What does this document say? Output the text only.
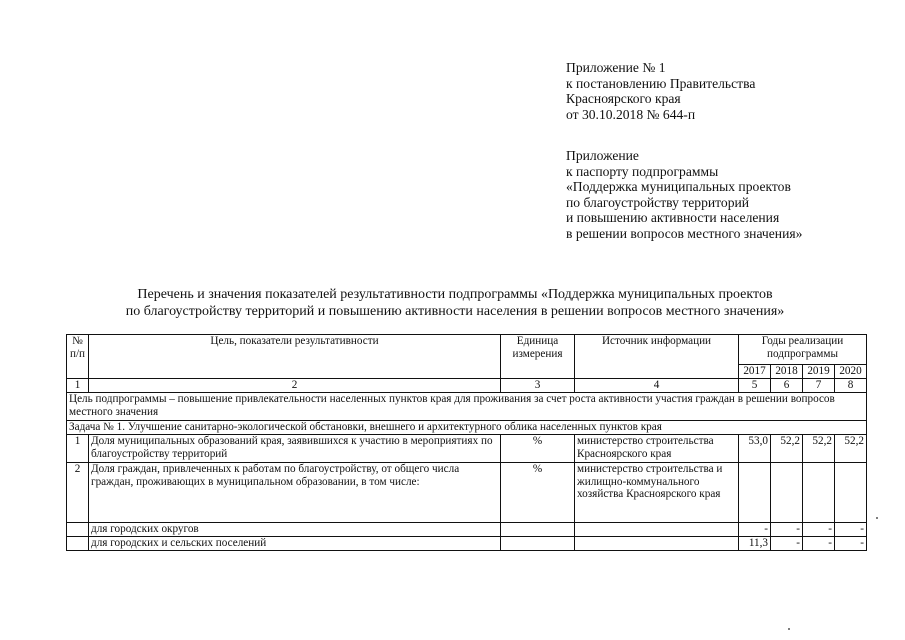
Приложение № 1
к постановлению Правительства
Красноярского края
от 30.10.2018 № 644-п
Приложение
к паспорту подпрограммы
«Поддержка муниципальных проектов
по благоустройству территорий
и повышению активности населения
в решении вопросов местного значения»
Перечень и значения показателей результативности подпрограммы «Поддержка муниципальных проектов
по благоустройству территорий и повышению активности населения в решении вопросов местного значения»
№ п/п	Цель, показатели результативности	Единица измерения	Источник информации	Годы реализации подпрограммы			
				2017	2018	2019	2020
1	2	3	4	5	6	7	8
Цель подпрограммы – повышение привлекательности населенных пунктов края для проживания за счет роста активности участия граждан в решении вопросов местного значения							
Задача № 1. Улучшение санитарно-экологической обстановки, внешнего и архитектурного облика населенных пунктов края							
1	Доля муниципальных образований края, заявившихся к участию в мероприятиях по благоустройству территорий	%	министерство строительства Красноярского края	53,0	52,2	52,2	52,2
2	Доля граждан, привлеченных к работам по благоустройству, от общего числа граждан, проживающих в муниципальном образовании, в том числе:	%	министерство строительства и жилищно-коммунального хозяйства Красноярского края				
	для городских округов			-	-	-	-
	для городских и сельских поселений			11,3	-	-	-
